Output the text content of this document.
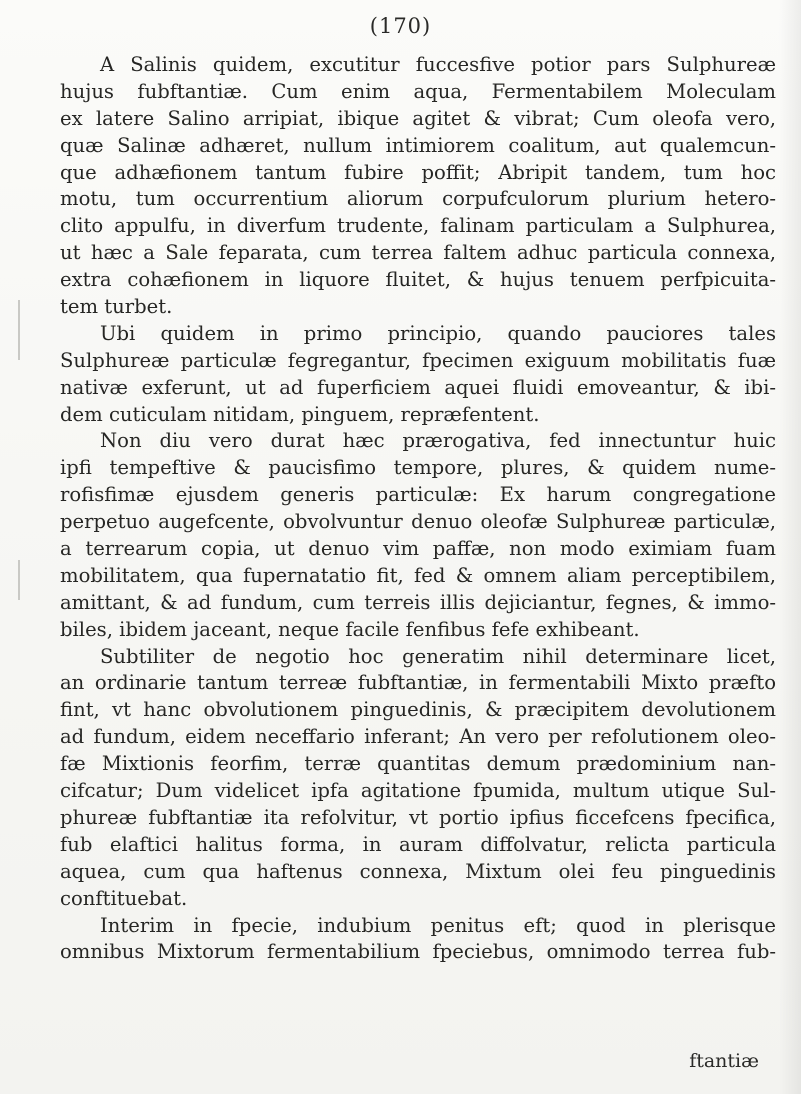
(170)
A Salinis quidem, excutitur fuccesfive potior pars Sulphureæ
hujus fubftantiæ. Cum enim aqua, Fermentabilem Moleculam
ex latere Salino arripiat, ibique agitet & vibrat; Cum oleofa vero,
quæ Salinæ adhæret, nullum intimiorem coalitum, aut qualemcun-
que adhæfionem tantum fubire poffit; Abripit tandem, tum hoc
motu, tum occurrentium aliorum corpufculorum plurium hetero-
clito appulfu, in diverfum trudente, falinam particulam a Sulphurea,
ut hæc a Sale feparata, cum terrea faltem adhuc particula connexa,
extra cohæfionem in liquore fluitet, & hujus tenuem perfpicuita-
tem turbet.
Ubi quidem in primo principio, quando pauciores tales
Sulphureæ particulæ fegregantur, fpecimen exiguum mobilitatis fuæ
nativæ exferunt, ut ad fuperficiem aquei fluidi emoveantur, & ibi-
dem cuticulam nitidam, pinguem, repræfentent.
Non diu vero durat hæc prærogativa, fed innectuntur huic
ipfi tempeftive & paucisfimo tempore, plures, & quidem nume-
rofisfimæ ejusdem generis particulæ: Ex harum congregatione
perpetuo augefcente, obvolvuntur denuo oleofæ Sulphureæ particulæ,
a terrearum copia, ut denuo vim paffæ, non modo eximiam fuam
mobilitatem, qua fupernatatio fit, fed & omnem aliam perceptibilem,
amittant, & ad fundum, cum terreis illis dejiciantur, fegnes, & immo-
biles, ibidem jaceant, neque facile fenfibus fefe exhibeant.
Subtiliter de negotio hoc generatim nihil determinare licet,
an ordinarie tantum terreæ fubftantiæ, in fermentabili Mixto præfto
fint, vt hanc obvolutionem pinguedinis, & præcipitem devolutionem
ad fundum, eidem neceffario inferant; An vero per refolutionem oleo-
fæ Mixtionis feorfim, terræ quantitas demum prædominium nan-
cifcatur; Dum videlicet ipfa agitatione fpumida, multum utique Sul-
phureæ fubftantiæ ita refolvitur, vt portio ipfius ficcefcens fpecifica,
fub elaftici halitus forma, in auram diffolvatur, relicta particula
aquea, cum qua haftenus connexa, Mixtum olei feu pinguedinis
conftituebat.
Interim in fpecie, indubium penitus eft; quod in plerisque
omnibus Mixtorum fermentabilium fpeciebus, omnimodo terrea fub-
ftantiæ
